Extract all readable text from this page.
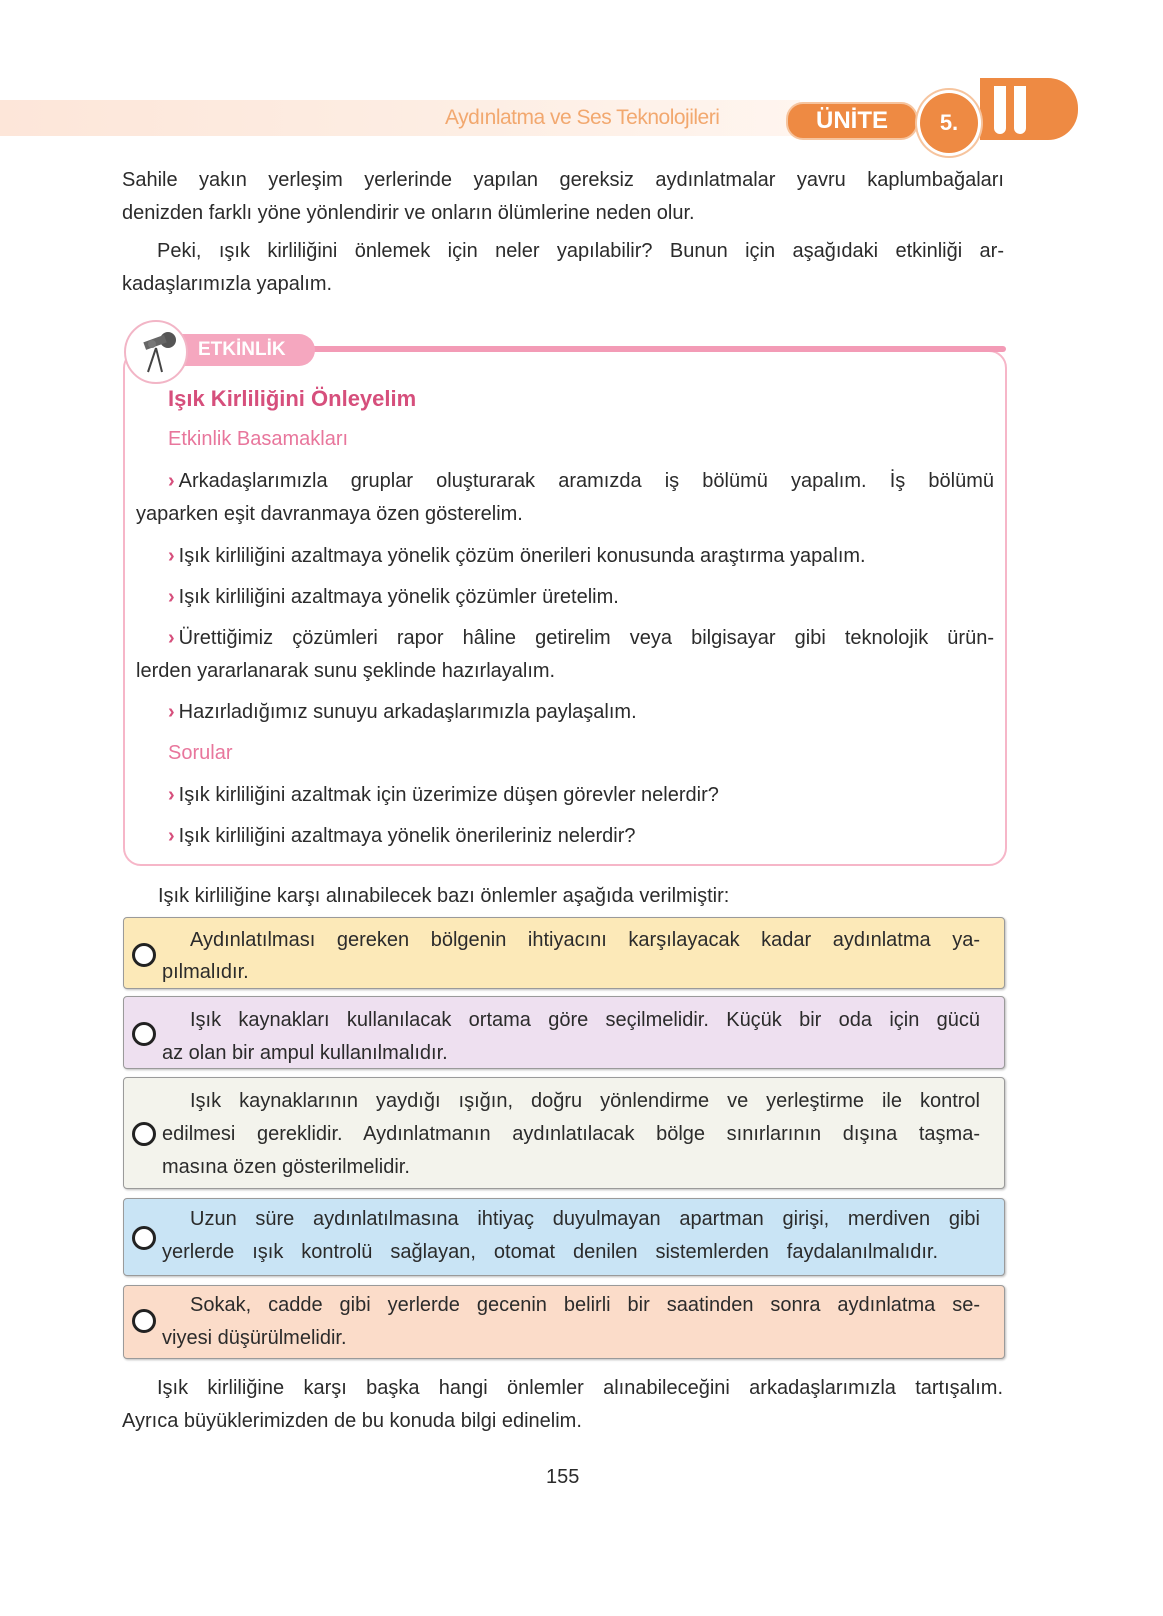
Aydınlatma ve Ses Teknolojileri	ÜNİTE	5.
Sahile yakın yerleşim yerlerinde yapılan gereksiz aydınlatmalar yavru kaplumbağaları
denizden farklı yöne yönlendirir ve onların ölümlerine neden olur.
Peki, ışık kirliliğini önlemek için neler yapılabilir? Bunun için aşağıdaki etkinliği ar-
kadaşlarımızla yapalım.
ETKİNLİK
Işık Kirliliğini Önleyelim
Etkinlik Basamakları
› Arkadaşlarımızla gruplar oluşturarak aramızda iş bölümü yapalım. İş bölümü
yaparken eşit davranmaya özen gösterelim.
› Işık kirliliğini azaltmaya yönelik çözüm önerileri konusunda araştırma yapalım.
› Işık kirliliğini azaltmaya yönelik çözümler üretelim.
› Ürettiğimiz çözümleri rapor hâline getirelim veya bilgisayar gibi teknolojik ürün-
lerden yararlanarak sunu şeklinde hazırlayalım.
› Hazırladığımız sunuyu arkadaşlarımızla paylaşalım.
Sorular
› Işık kirliliğini azaltmak için üzerimize düşen görevler nelerdir?
› Işık kirliliğini azaltmaya yönelik önerileriniz nelerdir?
Işık kirliliğine karşı alınabilecek bazı önlemler aşağıda verilmiştir:
Aydınlatılması gereken bölgenin ihtiyacını karşılayacak kadar aydınlatma ya-
pılmalıdır.
Işık kaynakları kullanılacak ortama göre seçilmelidir. Küçük bir oda için gücü
az olan bir ampul kullanılmalıdır.
Işık kaynaklarının yaydığı ışığın, doğru yönlendirme ve yerleştirme ile kontrol
edilmesi gereklidir. Aydınlatmanın aydınlatılacak bölge sınırlarının dışına taşma-
masına özen gösterilmelidir.
Uzun süre aydınlatılmasına ihtiyaç duyulmayan apartman girişi, merdiven gibi
yerlerde ışık kontrolü sağlayan, otomat denilen sistemlerden faydalanılmalıdır.
Sokak, cadde gibi yerlerde gecenin belirli bir saatinden sonra aydınlatma se-
viyesi düşürülmelidir.
Işık kirliliğine karşı başka hangi önlemler alınabileceğini arkadaşlarımızla tartışalım.
Ayrıca büyüklerimizden de bu konuda bilgi edinelim.
155
